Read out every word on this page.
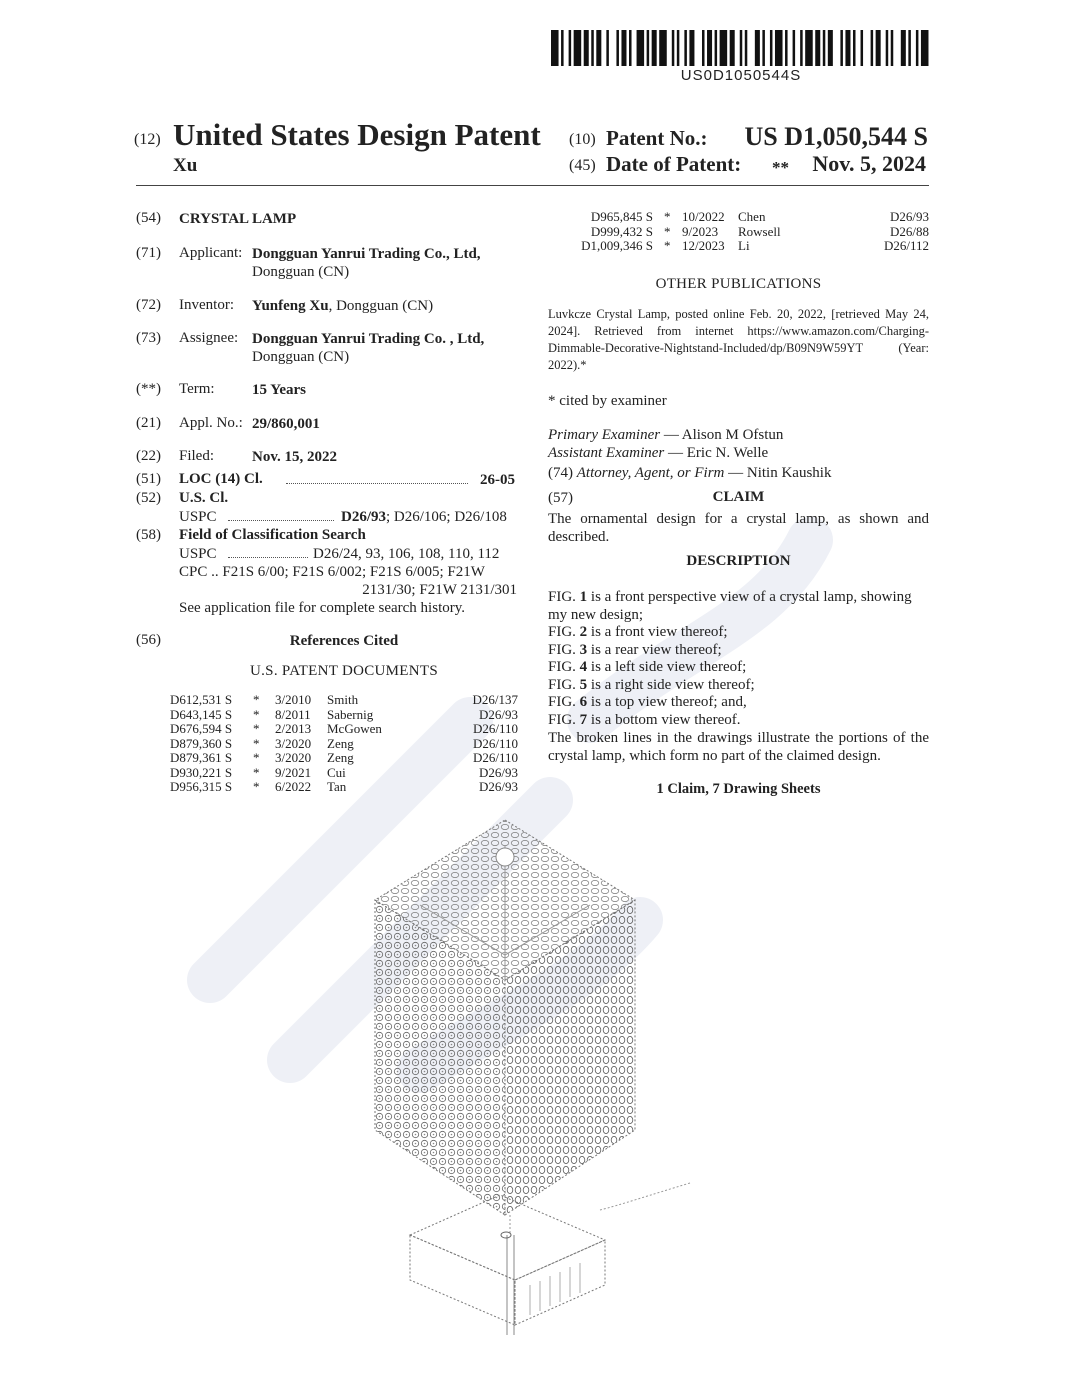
US0D1050544S
(12) United States Design Patent
Xu
(10) Patent No.: US D1,050,544 S
(45) Date of Patent: ** Nov. 5, 2024
(54) CRYSTAL LAMP
(71) Applicant: Dongguan Yanrui Trading Co., Ltd,
Dongguan (CN)
(72) Inventor: Yunfeng Xu, Dongguan (CN)
(73) Assignee: Dongguan Yanrui Trading Co. , Ltd,
Dongguan (CN)
(**) Term: 15 Years
(21) Appl. No.: 29/860,001
(22) Filed:	Nov. 15, 2022
(51) LOC (14) Cl.	26-05
(52) U.S. Cl.
USPC	D26/93; D26/106; D26/108
(58) Field of Classification Search
USPC	D26/24, 93, 106, 108, 110, 112
CPC .. F21S 6/00; F21S 6/002; F21S 6/005; F21W
2131/30; F21W 2131/301
See application file for complete search history.
(56)	References Cited
U.S. PATENT DOCUMENTS
D612,531 S * 3/2010 Smith	D26/137
D643,145 S * 8/2011 Sabernig	D26/93
D676,594 S * 2/2013 McGowen	D26/110
D879,360 S * 3/2020 Zeng	D26/110
D879,361 S * 3/2020 Zeng	D26/110
D930,221 S * 9/2021 Cui	D26/93
D956,315 S * 6/2022 Tan	D26/93
D965,845 S * 10/2022 Chen	D26/93
D999,432 S * 9/2023 Rowsell	D26/88
D1,009,346 S * 12/2023 Li	D26/112
OTHER PUBLICATIONS
Luvkcze Crystal Lamp, posted online Feb. 20, 2022, [retrieved May 24, 2024]. Retrieved from internet https://www.amazon.com/Charging-Dimmable-Decorative-Nightstand-Included/dp/B09N9W59YT (Year: 2022).*
* cited by examiner
Primary Examiner — Alison M Ofstun
Assistant Examiner — Eric N. Welle
(74) Attorney, Agent, or Firm — Nitin Kaushik
(57)	CLAIM
The ornamental design for a crystal lamp, as shown and described.
DESCRIPTION
FIG. 1 is a front perspective view of a crystal lamp, showing
my new design;
FIG. 2 is a front view thereof;
FIG. 3 is a rear view thereof;
FIG. 4 is a left side view thereof;
FIG. 5 is a right side view thereof;
FIG. 6 is a top view thereof; and,
FIG. 7 is a bottom view thereof.
The broken lines in the drawings illustrate the portions of the crystal lamp, which form no part of the claimed design.
1 Claim, 7 Drawing Sheets
